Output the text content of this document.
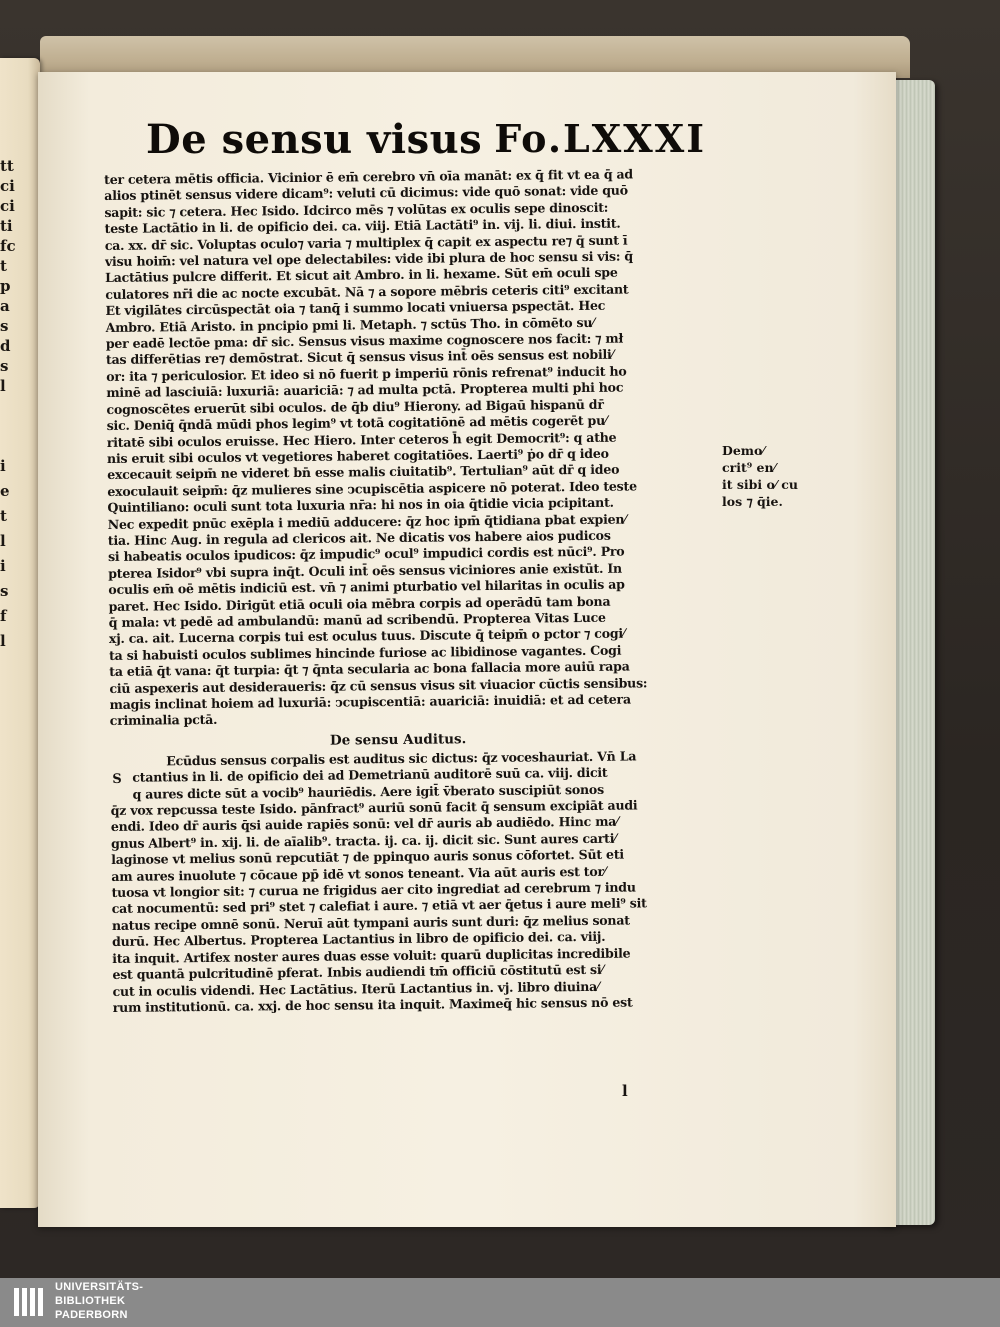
tt
ci
ci
ti
fc
t
p
a
s
d
s
l
i
e
t
l
i
s
f
l
De sensu visus Fo.LXXXI
ter cetera mētis officia. Vicinior ē em̄ cerebro vn̄ oīa manāt: ex q̄ fit vt ea q̄ ad
alios ptinēt sensus videre dicam⁹: veluti cū dicimus: vide quō sonat: vide quō
sapit: sic ⁊ cetera. Hec Isido. Idcirco mēs ⁊ volūtas ex oculis sepe dinoscit:
teste Lactātio in li. de opificio dei. ca. viij. Etiā Lactāti⁹ in. vij. li. diui. instit.
ca. xx. dr̄ sic. Voluptas oculo⁊ varia ⁊ multiplex q̄ capit ex aspectu re⁊ q̄ sunt ī
visu hoim̄: vel natura vel ope delectabiles: vide ibi plura de hoc sensu si vis: q̄
Lactātius pulcre differit. Et sicut ait Ambro. in li. hexame. Sūt em̄ oculi spe
culatores nr̄i die ac nocte excubāt. Nā ⁊ a sopore mēbris ceteris citi⁹ excitant
Et vigilātes circūspectāt oia ⁊ tanq̄ i summo locati vniuersa pspectāt. Hec
Ambro. Etiā Aristo. in pncipio pmi li. Metaph. ⁊ sctūs Tho. in cōmēto su⁄
per eadē lectōe pma: dr̄ sic. Sensus visus maxime cognoscere nos facit: ⁊ mł
tas differētias re⁊ demōstrat. Sicut q̄ sensus visus int̄ oēs sensus est nobili⁄
or: ita ⁊ periculosior. Et ideo si nō fuerit p imperiū rōnis refrenat⁹ inducit ho
minē ad lasciuiā: luxuriā: auariciā: ⁊ ad multa pctā. Propterea multi phi hoc
cognoscētes eruerūt sibi oculos. de q̄b diu⁹ Hierony. ad Bigaū hispanū dr̄
sic. Deniq̄ q̄ndā mūdi phos legim⁹ vt totā cogitatiōnē ad mētis cogerēt pu⁄
ritatē sibi oculos eruisse. Hec Hiero. Inter ceteros h̄ egit Democrit⁹: q athe
nis eruit sibi oculos vt vegetiores haberet cogitatiōes. Laerti⁹ ṗo dr̄ q ideo
excecauit seipm̄ ne videret bn̄ esse malis ciuitatib⁹. Tertulian⁹ aūt dr̄ q ideo
exoculauit seipm̄: q̄z mulieres sine ↄcupiscētia aspicere nō poterat. Ideo teste
Quintiliano: oculi sunt tota luxuria nr̄a: hi nos in oia q̄tidie vicia pcipitant.
Nec expedit pnūc exēpla i mediū adducere: q̄z hoc ipm̄ q̄tidiana pbat expien⁄
tia. Hinc Aug. in regula ad clericos ait. Ne dicatis vos habere aios pudicos
si habeatis oculos ipudicos: q̄z impudic⁹ ocul⁹ impudici cordis est nūci⁹. Pro
pterea Isidor⁹ vbi supra inq̄t. Oculi int̄ oēs sensus viciniores anie existūt. In
oculis em̄ oē mētis indiciū est. vn̄ ⁊ animi pturbatio vel hilaritas in oculis ap
paret. Hec Isido. Dirigūt etiā oculi oia mēbra corpis ad operādū tam bona
q̄ mala: vt pedē ad ambulandū: manū ad scribendū. Propterea Vitas Luce
xj. ca. ait. Lucerna corpis tui est oculus tuus. Discute q̄ teipm̄ o pctor ⁊ cogi⁄
ta si habuisti oculos sublimes hincinde furiose ac libidinose vagantes. Cogi
ta etiā q̄t vana: q̄t turpia: q̄t ⁊ q̄nta secularia ac bona fallacia more auiū rapa
ciū aspexeris aut desideraueris: q̄z cū sensus visus sit viuacior cūctis sensibus:
magis inclinat hoiem ad luxuriā: ↄcupiscentiā: auariciā: inuidiā: et ad cetera
criminalia pctā.
De sensu Auditus.
S
Ecūdus sensus corpalis est auditus sic dictus: q̄z voceshauriat. Vn̄ La
ctantius in li. de opificio dei ad Demetrianū auditorē suū ca. viij. dicit
q aures dicte sūt a vocib⁹ hauriēdis. Aere igit̄ v̄berato suscipiūt sonos
q̄z vox repcussa teste Isido. pānfract⁹ auriū sonū facit q̄ sensum excipiāt audi
endi. Ideo dr̄ auris q̄si auide rapiēs sonū: vel dr̄ auris ab audiēdo. Hinc ma⁄
gnus Albert⁹ in. xij. li. de aīalib⁹. tracta. ij. ca. ij. dicit sic. Sunt aures carti⁄
laginose vt melius sonū repcutiāt ⁊ de ppinquo auris sonus cōfortet. Sūt eti
am aures inuolute ⁊ cōcaue pp̄ idē vt sonos teneant. Via aūt auris est tor⁄
tuosa vt longior sit: ⁊ curua ne frigidus aer cito ingrediat ad cerebrum ⁊ indu
cat nocumentū: sed pri⁹ stet ⁊ calefiat i aure. ⁊ etiā vt aer q̄etus i aure meli⁹ sit
natus recipe omnē sonū. Neruī aūt tympani auris sunt duri: q̄z melius sonat
durū. Hec Albertus. Propterea Lactantius in libro de opificio dei. ca. viij.
ita inquit. Artifex noster aures duas esse voluit: quarū duplicitas incredibile
est quantā pulcritudinē pferat. Inbis audiendi tm̄ officiū cōstitutū est si⁄
cut in oculis videndi. Hec Lactātius. Iterū Lactantius in. vj. libro diuina⁄
rum institutionū. ca. xxj. de hoc sensu ita inquit. Maximeq̄ hic sensus nō est
Demo⁄
crit⁹ en⁄
it sibi o⁄ cu
los ⁊ q̄ie.
l
UNIVERSITÄTS-
BIBLIOTHEK
PADERBORN
